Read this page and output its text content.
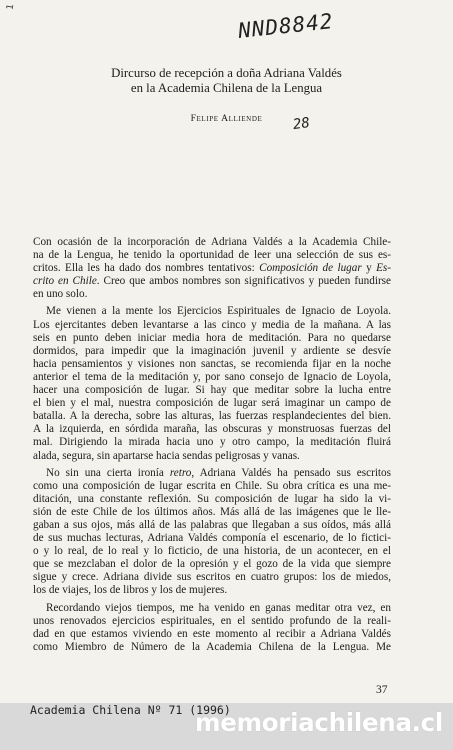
1
NND8842
Dircurso de recepción a doña Adriana Valdés
en la Academia Chilena de la Lengua
Felipe Alliende	28
Con ocasión de la incorporación de Adriana Valdés a la Academia Chile-
na de la Lengua, he tenido la oportunidad de leer una selección de sus es-
critos. Ella les ha dado dos nombres tentativos: Composición de lugar y Es-
crito en Chile. Creo que ambos nombres son significativos y pueden fundirse
en uno solo.
Me vienen a la mente los Ejercicios Espirituales de Ignacio de Loyola.
Los ejercitantes deben levantarse a las cinco y media de la mañana. A las
seis en punto deben iniciar media hora de meditación. Para no quedarse
dormidos, para impedir que la imaginación juvenil y ardiente se desvíe
hacia pensamientos y visiones non sanctas, se recomienda fijar en la noche
anterior el tema de la meditación y, por sano consejo de Ignacio de Loyola,
hacer una composición de lugar. Si hay que meditar sobre la lucha entre
el bien y el mal, nuestra composición de lugar será imaginar un campo de
batalla. A la derecha, sobre las alturas, las fuerzas resplandecientes del bien.
A la izquierda, en sórdida maraña, las obscuras y monstruosas fuerzas del
mal. Dirigiendo la mirada hacia uno y otro campo, la meditación fluirá
alada, segura, sin apartarse hacia sendas peligrosas y vanas.
No sin una cierta ironía retro, Adriana Valdés ha pensado sus escritos
como una composición de lugar escrita en Chile. Su obra crítica es una me-
ditación, una constante reflexión. Su composición de lugar ha sido la vi-
sión de este Chile de los últimos años. Más allá de las imágenes que le lle-
gaban a sus ojos, más allá de las palabras que llegaban a sus oídos, más allá
de sus muchas lecturas, Adriana Valdés componía el escenario, de lo fictici-
o y lo real, de lo real y lo ficticio, de una historia, de un acontecer, en el
que se mezclaban el dolor de la opresión y el gozo de la vida que siempre
sigue y crece. Adriana divide sus escritos en cuatro grupos: los de miedos,
los de viajes, los de libros y los de mujeres.
Recordando viejos tiempos, me ha venido en ganas meditar otra vez, en
unos renovados ejercicios espirituales, en el sentido profundo de la reali-
dad en que estamos viviendo en este momento al recibir a Adriana Valdés
como Miembro de Número de la Academia Chilena de la Lengua. Me
37
Academia Chilena Nº 71 (1996)
memoriachilena.cl
